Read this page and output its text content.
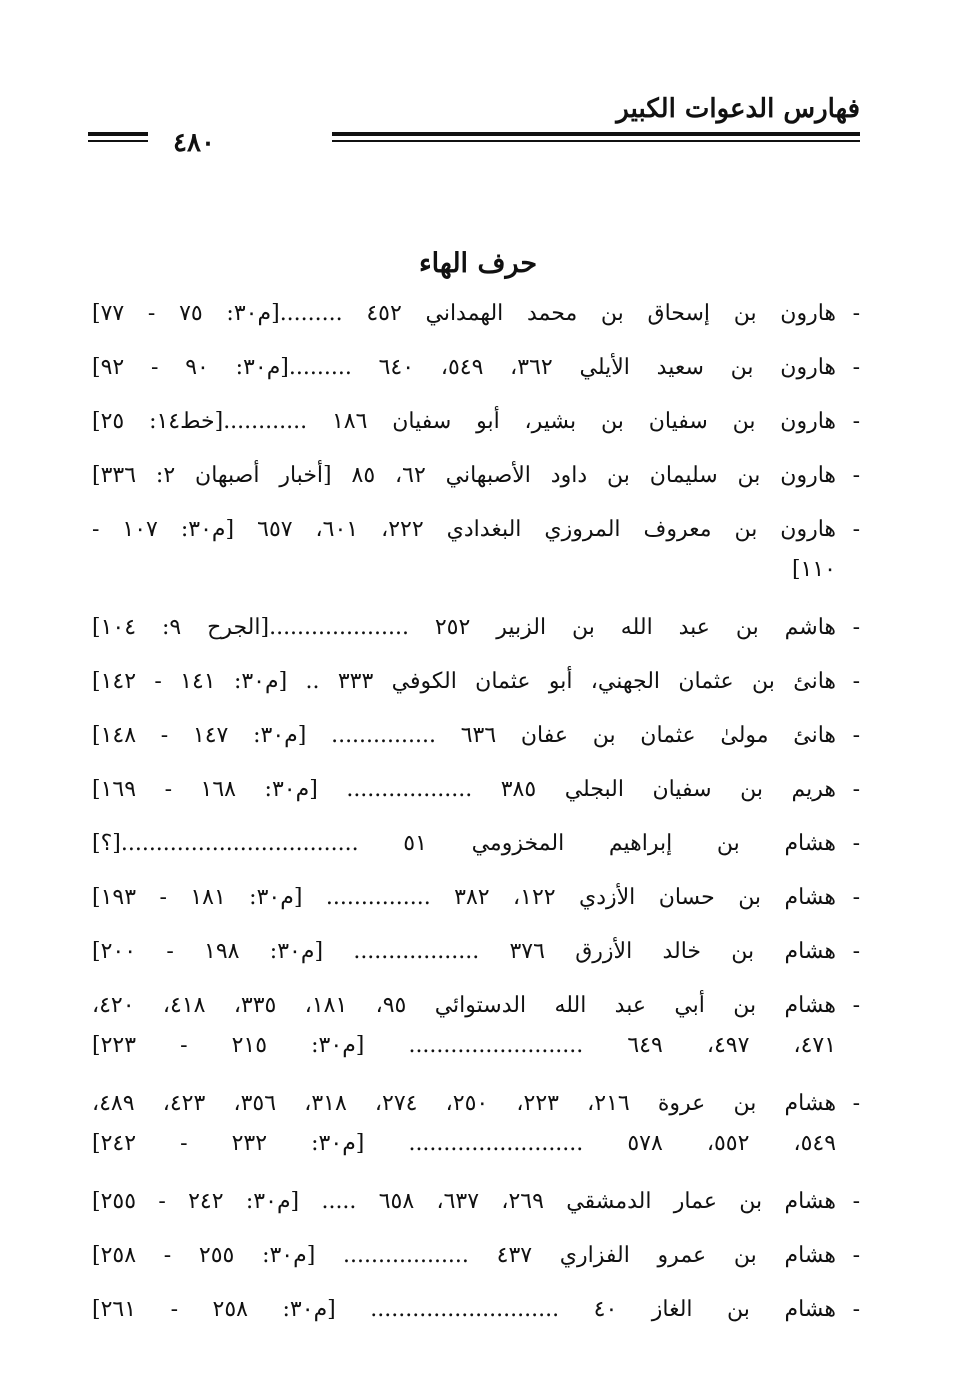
فهارس الدعوات الكبير
٤٨٠
حرف الهاء
-
هارون بن إسحاق بن محمد الهمداني ٤٥٢ .........[م٣٠: ٧٥ - ٧٧]
-
هارون بن سعيد الأيلي ٣٦٢، ٥٤٩، ٦٤٠ .........[م٣٠: ٩٠ - ٩٢]
-
هارون بن سفيان بن بشير، أبو سفيان ١٨٦ ............[خط١٤: ٢٥]
-
هارون بن سليمان بن داود الأصبهاني ٦٢، ٨٥ [أخبار أصبهان ٢: ٣٣٦]
-
هارون بن معروف المروزي البغدادي ٢٢٢، ٦٠١، ٦٥٧ [م٣٠: ١٠٧ -
١١٠]
-
هاشم بن عبد الله بن الزبير ٢٥٢ ....................[الجرح ٩: ١٠٤]
-
هانئ بن عثمان الجهني، أبو عثمان الكوفي ٣٣٣ .. [م٣٠: ١٤١ - ١٤٢]
-
هانئ مولىٰ عثمان بن عفان ٦٣٦ ............... [م٣٠: ١٤٧ - ١٤٨]
-
هريم بن سفيان البجلي ٣٨٥ .................. [م٣٠: ١٦٨ - ١٦٩]
-
هشام بن إبراهيم المخزومي ٥١ ..................................[؟]
-
هشام بن حسان الأزدي ١٢٢، ٣٨٢ ............... [م٣٠: ١٨١ - ١٩٣]
-
هشام بن خالد الأزرق ٣٧٦ .................. [م٣٠: ١٩٨ - ٢٠٠]
-
هشام بن أبي عبد الله الدستوائي ٩٥، ١٨١، ٣٣٥، ٤١٨، ٤٢٠،
٤٧١، ٤٩٧، ٦٤٩ ......................... [م٣٠: ٢١٥ - ٢٢٣]
-
هشام بن عروة ٢١٦، ٢٢٣، ٢٥٠، ٢٧٤، ٣١٨، ٣٥٦، ٤٢٣، ٤٨٩،
٥٤٩، ٥٥٢، ٥٧٨ ......................... [م٣٠: ٢٣٢ - ٢٤٢]
-
هشام بن عمار الدمشقي ٢٦٩، ٦٣٧، ٦٥٨ ..... [م٣٠: ٢٤٢ - ٢٥٥]
-
هشام بن عمرو الفزاري ٤٣٧ .................. [م٣٠: ٢٥٥ - ٢٥٨]
-
هشام بن الغاز ٤٠ ........................... [م٣٠: ٢٥٨ - ٢٦١]
